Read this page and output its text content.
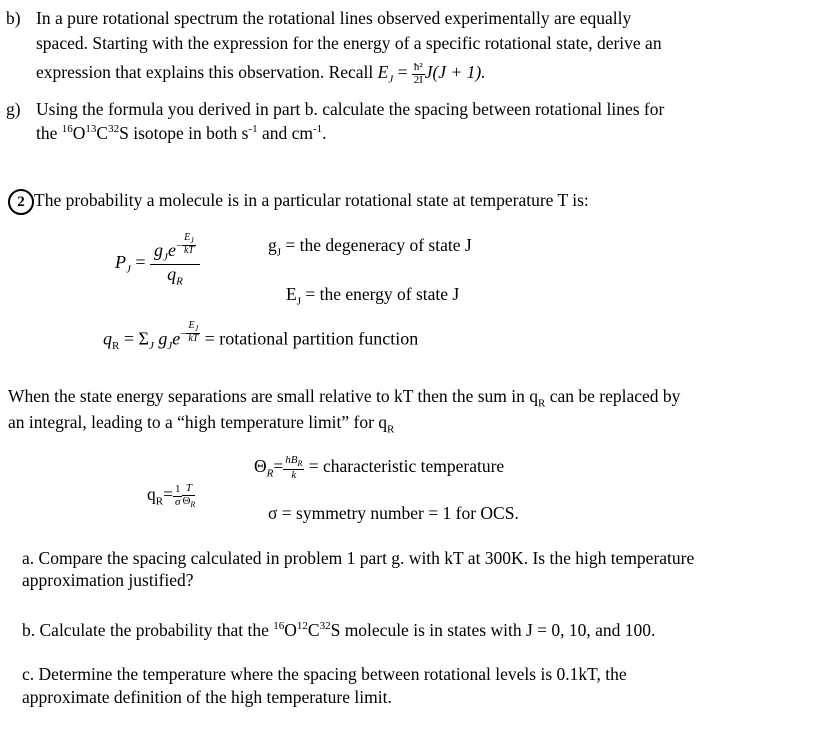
b) In a pure rotational spectrum the rotational lines observed experimentally are equally
spaced. Starting with the expression for the energy of a specific rotational state, derive an
expression that explains this observation. Recall $E_J = \frac{\text{ħ²}}{2I} J(J + 1)$.
g) Using the formula you derived in part b. calculate the spacing between rotational lines for
the $^{16}O^{13}C^{32}S$ isotope in both $s^{-1}$ and $cm^{-1}$.
2 The probability a molecule is in a particular rotational state at temperature T is:
$P_J = g_Je^{- \frac{E_J}{kT}}$
$q_R$	$g_J$ = the degeneracy of state J
$E_J$ = the energy of state J
$q_R = \Sigma_J$ $g_Je^{- \frac{E_J}{kT}}$ = rotational partition function
When the state energy separations are small relative to kT then the sum in $q_R$ can be replaced by
an integral, leading to a “high temperature limit” for $q_R$
$\Theta_R= \frac{hB_R}{k}$ = characteristic temperature
$q_R= \frac{1}{\sigma} \frac{T}{\Theta_R}$
σ = symmetry number = 1 for OCS.
a. Compare the spacing calculated in problem 1 part g. with kT at 300K. Is the high temperature
approximation justified?
b. Calculate the probability that the $^{16}O^{12}C^{32}S$ molecule is in states with J = 0, 10, and 100.
c. Determine the temperature where the spacing between rotational levels is 0.1kT, the
approximate definition of the high temperature limit.
